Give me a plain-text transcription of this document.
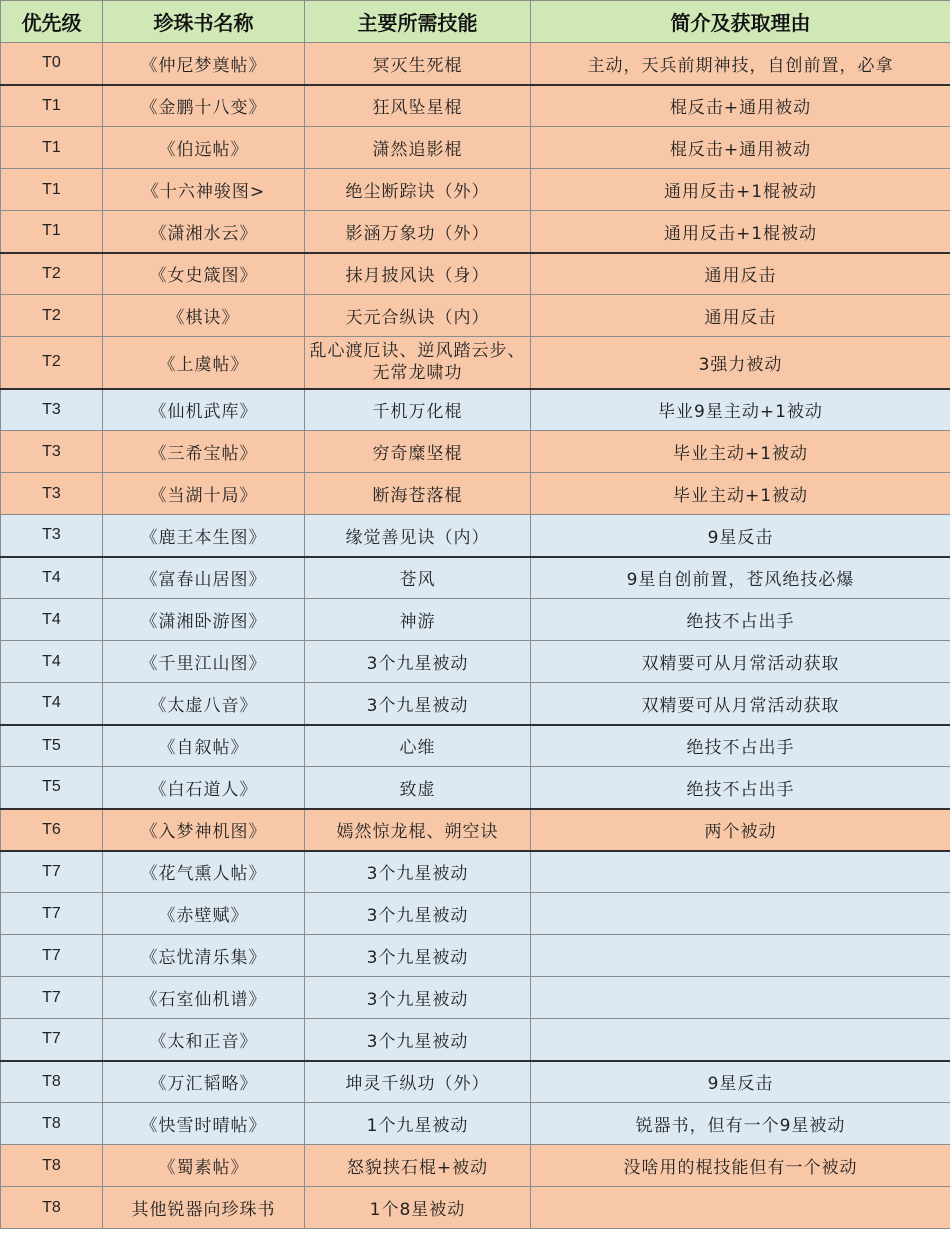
优先级	珍珠书名称	主要所需技能	简介及获取理由
T0	《仲尼梦奠帖》	冥灭生死棍	主动，天兵前期神技，自创前置，必拿
T1	《金鹏十八变》	狂风坠星棍	棍反击+通用被动
T1	《伯远帖》	潇然追影棍	棍反击+通用被动
T1	《十六神骏图>	绝尘断踪诀（外）	通用反击+1棍被动
T1	《潇湘水云》	影涵万象功（外）	通用反击+1棍被动
T2	《女史箴图》	抹月披风诀（身）	通用反击
T2	《棋诀》	天元合纵诀（内）	通用反击
T2	《上虞帖》	乱心渡厄诀、逆风踏云步、无常龙啸功	3强力被动
T3	《仙机武库》	千机万化棍	毕业9星主动+1被动
T3	《三希宝帖》	穷奇糜坚棍	毕业主动+1被动
T3	《当湖十局》	断海苍落棍	毕业主动+1被动
T3	《鹿王本生图》	缘觉善见诀（内）	9星反击
T4	《富春山居图》	苍风	9星自创前置，苍风绝技必爆
T4	《潇湘卧游图》	神游	绝技不占出手
T4	《千里江山图》	3个九星被动	双精要可从月常活动获取
T4	《太虚八音》	3个九星被动	双精要可从月常活动获取
T5	《自叙帖》	心维	绝技不占出手
T5	《白石道人》	致虚	绝技不占出手
T6	《入梦神机图》	嫣然惊龙棍、朔空诀	两个被动
T7	《花气熏人帖》	3个九星被动	
T7	《赤壁赋》	3个九星被动	
T7	《忘忧清乐集》	3个九星被动	
T7	《石室仙机谱》	3个九星被动	
T7	《太和正音》	3个九星被动	
T8	《万汇韬略》	坤灵千纵功（外）	9星反击
T8	《快雪时晴帖》	1个九星被动	锐器书，但有一个9星被动
T8	《蜀素帖》	怒貌挟石棍+被动	没啥用的棍技能但有一个被动
T8	其他锐器向珍珠书	1个8星被动	
